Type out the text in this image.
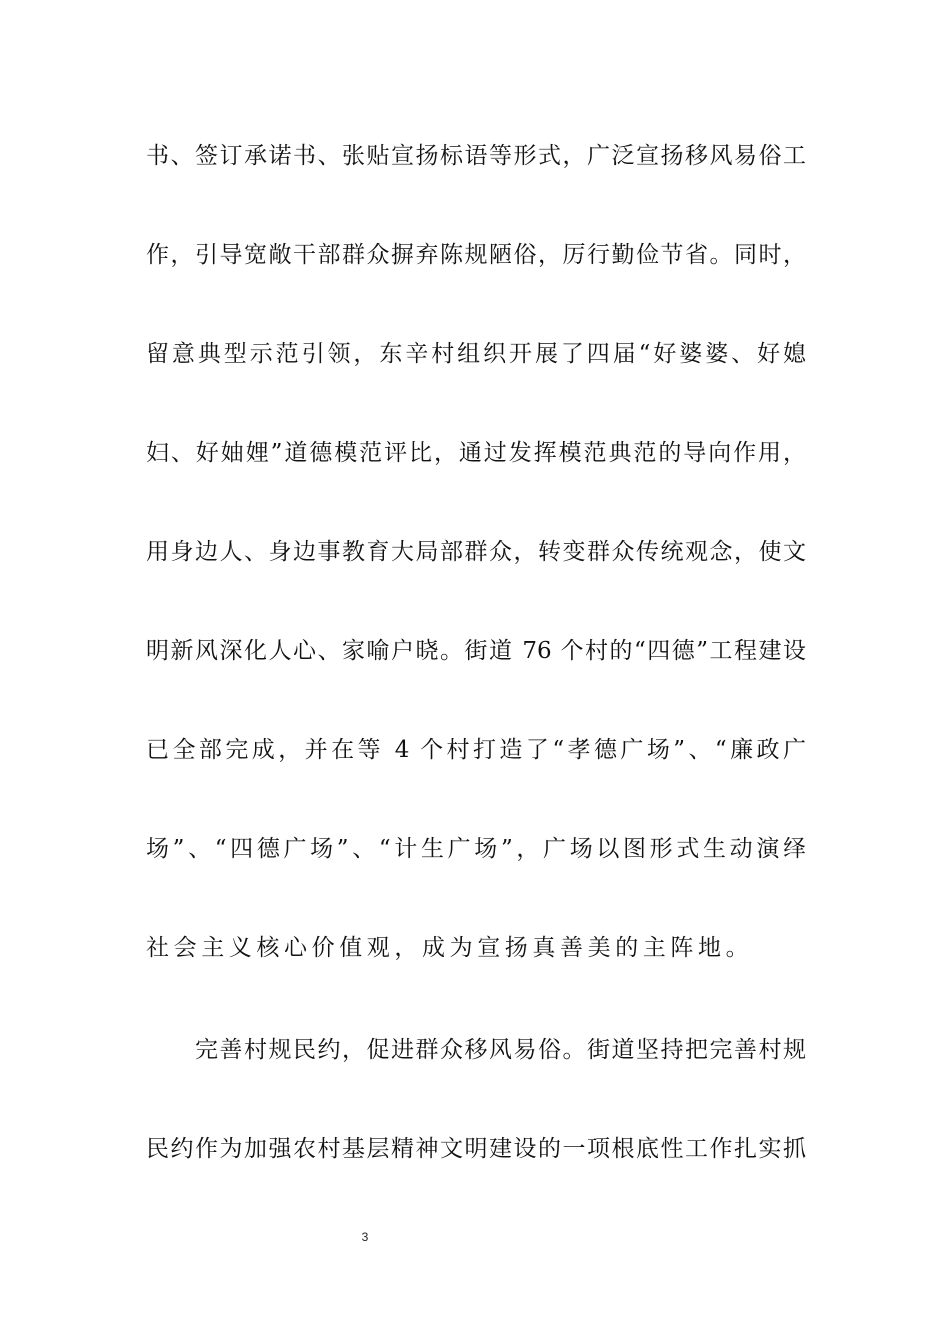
书、签订承诺书、张贴宣扬标语等形式，广泛宣扬移风易俗工
作，引导宽敞干部群众摒弃陈规陋俗，厉行勤俭节省。同时，
留意典型示范引领，东辛村组织开展了四届“好婆婆、好媳
妇、好妯娌”道德模范评比，通过发挥模范典范的导向作用，
用身边人、身边事教育大局部群众，转变群众传统观念，使文
明新风深化人心、家喻户晓。街道 76 个村的“四德”工程建设
已全部完成，并在等 4 个村打造了“孝德广场”、“廉政广
场”、“四德广场”、“计生广场”，广场以图形式生动演绎
社会主义核心价值观，成为宣扬真善美的主阵地。
完善村规民约，促进群众移风易俗。街道坚持把完善村规
民约作为加强农村基层精神文明建设的一项根底性工作扎实抓
3
